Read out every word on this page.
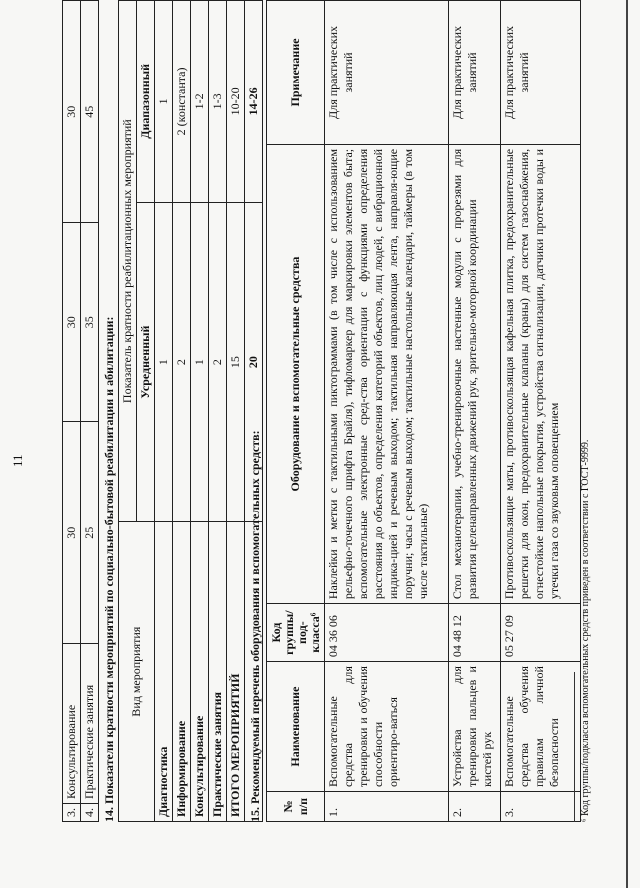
11
3.	Консультирование	30	30	30
4.	Практические занятия	25	35	45
14. Показатели кратности мероприятий по социально-бытовой реабилитации и абилитации: Вид мероприятия	Показатель кратности реабилитационных мероприятий	
	Усредненный	Диапазонный
Диагностика	1	1
Информирование	2	2 (константа)
Консультирование	1	1-2
Практические занятия	2	1-3
ИТОГО МЕРОПРИЯТИЙ	15	10-20
	20	14-26
15. Рекомендуемый перечень оборудования и вспомогательных средств: № п/п	Наименование	Код группы/под-класса⁶	Оборудование и вспомогательные средства	Примечание
1.	Вспомогательные средства для тренировки и обучения способности ориентиро-ваться	04 36 06	Наклейки и метки с тактильными пиктограммами (в том числе с использованием рельефно-точечного шрифта Брайля), тифломаркер для маркировки элементов быта; вспомогательные электронные сред-ства ориентации с функциями определения расстояния до объектов, определения категорий объектов, лиц людей, с вибрационной индика-цией и речевым выходом; тактильная направляющая лента, направля-ющие поручни; часы с речевым выходом; тактильные настольные календари, таймеры (в том числе тактильные)	Для практических занятий
2.	Устройства для тренировки пальцев и кистей рук	04 48 12	Стол механотерапии, учебно-тренировочные настенные модули с прорезями для развития целенаправленных движений рук, зрительно-моторной координации	Для практических занятий
3.	Вспомогательные средства обучения правилам личной безопасности	05 27 09	Противоскользящие маты, противоскользящая кафельная плитка, предохранительные решетки для окон, предохранительные клапаны (краны) для систем газоснабжения, огнестойкие напольные покрытия, устройства сигнализации, датчики протечки воды и утечки газа со звуковым оповещением	Для практических занятий
⁶ Код группы/подкласса вспомогательных средств приведен в соответствии с ГОСТ-9999.
